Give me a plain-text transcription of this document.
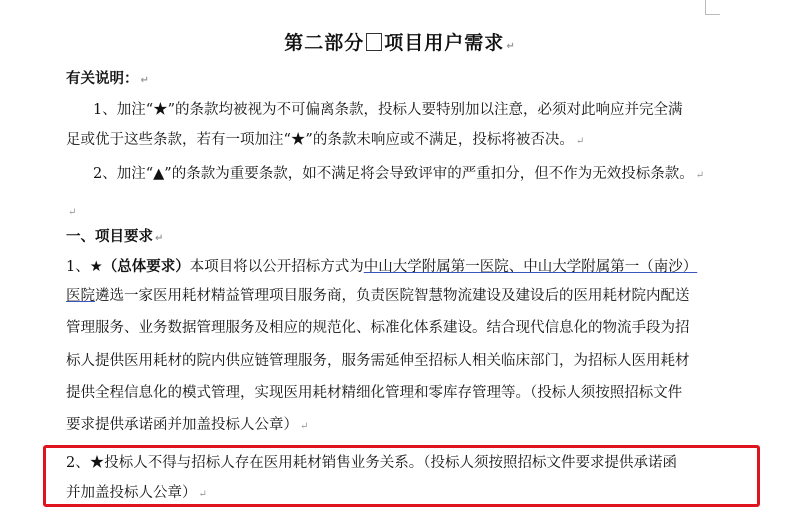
第二部分 项目用户需求 ↵
有关说明： ↵
1、加注“★”的条款均被视为不可偏离条款，投标人要特别加以注意，必须对此响应并完全满
足或优于这些条款，若有一项加注“★”的条款未响应或不满足，投标将被否决。 ↵
2、加注“▲”的条款为重要条款，如不满足将会导致评审的严重扣分，但不作为无效投标条款。 ↵
↵
一、项目要求 ↵
1、★（总体要求）本项目将以公开招标方式为中山大学附属第一医院、中山大学附属第一（南沙）
医院遴选一家医用耗材精益管理项目服务商，负责医院智慧物流建设及建设后的医用耗材院内配送
管理服务、业务数据管理服务及相应的规范化、标准化体系建设。结合现代信息化的物流手段为招
标人提供医用耗材的院内供应链管理服务，服务需延伸至招标人相关临床部门，为招标人医用耗材
提供全程信息化的模式管理，实现医用耗材精细化管理和零库存管理等。（投标人须按照招标文件
要求提供承诺函并加盖投标人公章） ↵
2、★投标人不得与招标人存在医用耗材销售业务关系。（投标人须按照招标文件要求提供承诺函
并加盖投标人公章） ↵
